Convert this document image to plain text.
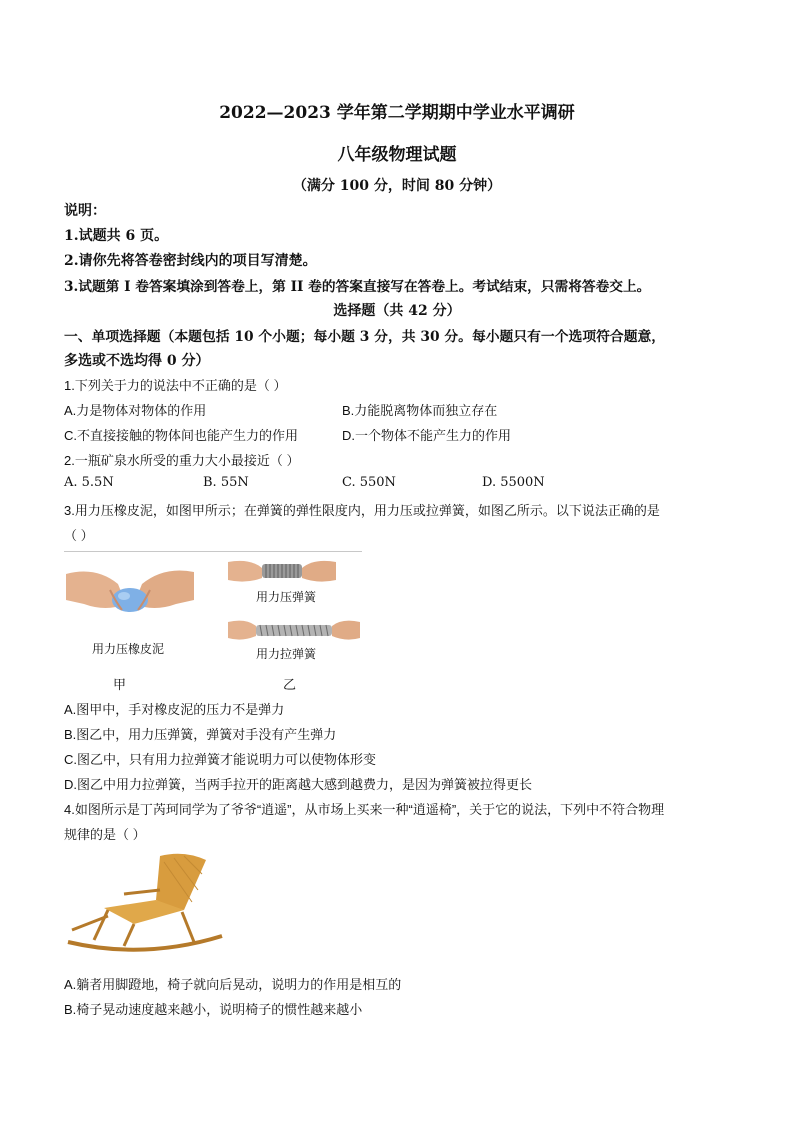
2022—2023 学年第二学期期中学业水平调研
八年级物理试题
（满分 100 分，时间 80 分钟）
说明：
1.试题共 6 页。
2.请你先将答卷密封线内的项目写清楚。
3.试题第 I 卷答案填涂到答卷上，第 II 卷的答案直接写在答卷上。考试结束，只需将答卷交上。
选择题（共 42 分）
一、单项选择题（本题包括 10 个小题；每小题 3 分，共 30 分。每小题只有一个选项符合题意，
多选或不选均得 0 分）
1.下列关于力的说法中不正确的是（ ）
A.力是物体对物体的作用	B.力能脱离物体而独立存在
C.不直接接触的物体间也能产生力的作用	D.一个物体不能产生力的作用
2.一瓶矿泉水所受的重力大小最接近（ ）
A. 5.5N	B. 55N	C. 550N	D. 5500N
3.用力压橡皮泥，如图甲所示；在弹簧的弹性限度内，用力压或拉弹簧，如图乙所示。以下说法正确的是
（ ）
用力压橡皮泥
用力压弹簧
用力拉弹簧
甲	乙
A.图甲中，手对橡皮泥的压力不是弹力
B.图乙中，用力压弹簧，弹簧对手没有产生弹力
C.图乙中，只有用力拉弹簧才能说明力可以使物体形变
D.图乙中用力拉弹簧，当两手拉开的距离越大感到越费力，是因为弹簧被拉得更长
4.如图所示是丁芮珂同学为了爷爷“逍遥”，从市场上买来一种“逍遥椅”，关于它的说法，下列中不符合物理
规律的是（ ）
A.躺者用脚蹬地，椅子就向后晃动，说明力的作用是相互的
B.椅子晃动速度越来越小，说明椅子的惯性越来越小
